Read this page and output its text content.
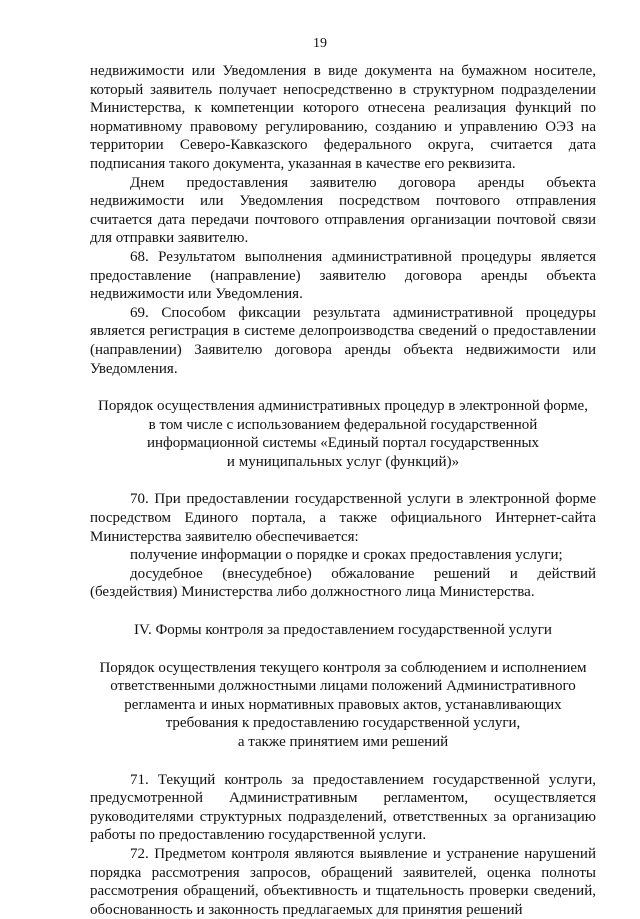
19

недвижимости или Уведомления в виде документа на бумажном носителе, который заявитель получает непосредственно в структурном подразделении Министерства, к компетенции которого отнесена реализация функций по нормативному правовому регулированию, созданию и управлению ОЭЗ на территории Северо-Кавказского федерального округа, считается дата подписания такого документа, указанная в качестве его реквизита.

Днем предоставления заявителю договора аренды объекта недвижимости или Уведомления посредством почтового отправления считается дата передачи почтового отправления организации почтовой связи для отправки заявителю.

68. Результатом выполнения административной процедуры является предоставление (направление) заявителю договора аренды объекта недвижимости или Уведомления.

69. Способом фиксации результата административной процедуры является регистрация в системе делопроизводства сведений о предоставлении (направлении) Заявителю договора аренды объекта недвижимости или Уведомления.

Порядок осуществления административных процедур в электронной форме,

в том числе с использованием федеральной государственной

информационной системы «Единый портал государственных

и муниципальных услуг (функций)»

70. При предоставлении государственной услуги в электронной форме посредством Единого портала, а также официального Интернет-сайта Министерства заявителю обеспечивается:

получение информации о порядке и сроках предоставления услуги;

досудебное (внесудебное) обжалование решений и действий (бездействия) Министерства либо должностного лица Министерства.

IV. Формы контроля за предоставлением государственной услуги

Порядок осуществления текущего контроля за соблюдением и исполнением

ответственными должностными лицами положений Административного

регламента и иных нормативных правовых актов, устанавливающих

требования к предоставлению государственной услуги,

а также принятием ими решений

71. Текущий контроль за предоставлением государственной услуги, предусмотренной Административным регламентом, осуществляется руководителями структурных подразделений, ответственных за организацию работы по предоставлению государственной услуги.

72. Предметом контроля являются выявление и устранение нарушений порядка рассмотрения запросов, обращений заявителей, оценка полноты рассмотрения обращений, объективность и тщательность проверки сведений, обоснованность и законность предлагаемых для принятия решений
